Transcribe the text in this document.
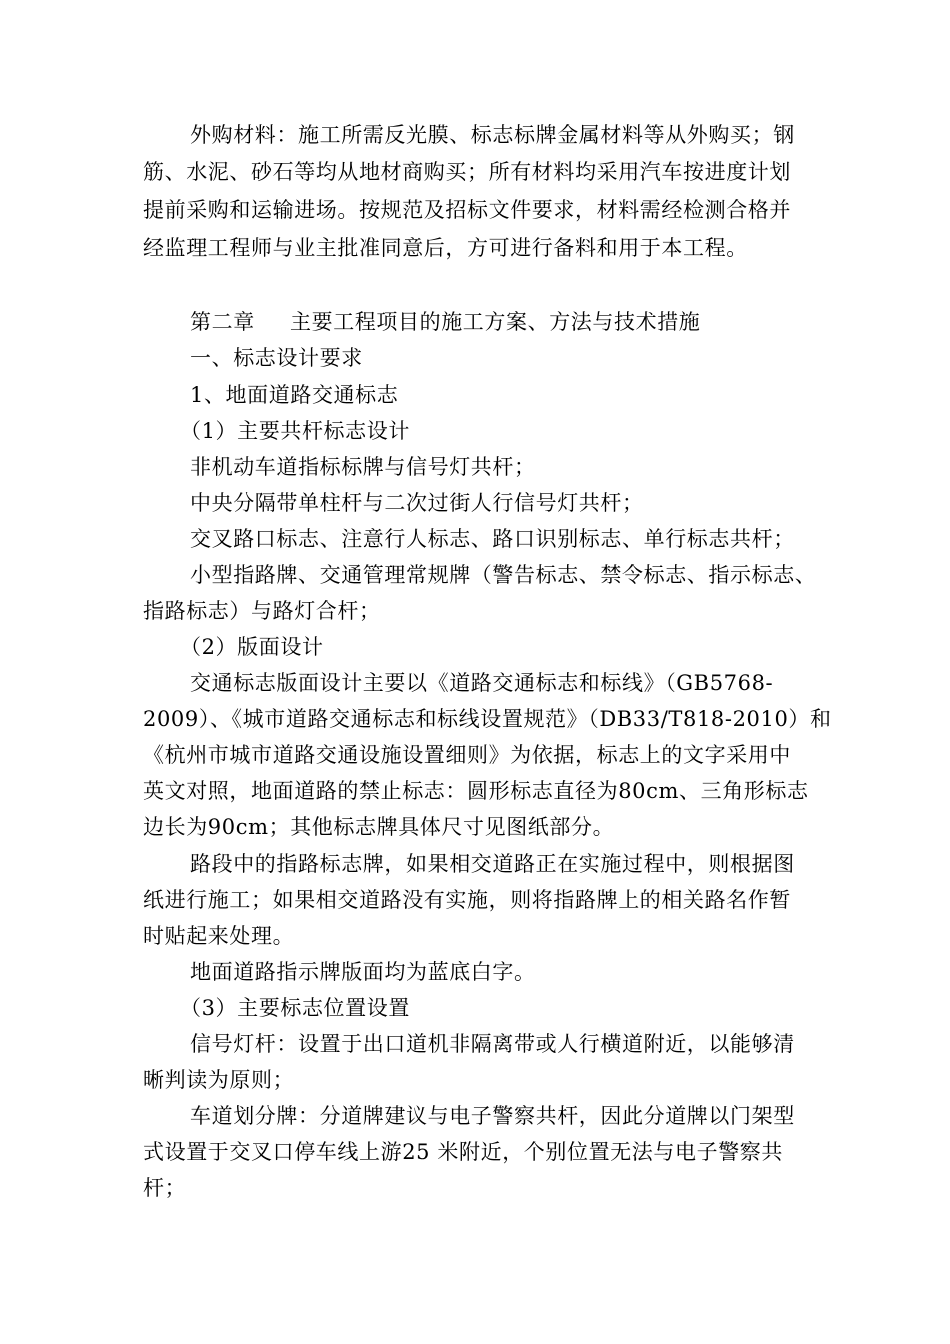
外购材料：施工所需反光膜、标志标牌金属材料等从外购买；钢
筋、水泥、砂石等均从地材商购买；所有材料均采用汽车按进度计划
提前采购和运输进场。按规范及招标文件要求，材料需经检测合格并
经监理工程师与业主批准同意后，方可进行备料和用于本工程。
第二章 主要工程项目的施工方案、方法与技术措施
一、标志设计要求
1、地面道路交通标志
（1）主要共杆标志设计
非机动车道指标标牌与信号灯共杆；
中央分隔带单柱杆与二次过街人行信号灯共杆；
交叉路口标志、注意行人标志、路口识别标志、单行标志共杆；
小型指路牌、交通管理常规牌（警告标志、禁令标志、指示标志、
指路标志）与路灯合杆；
（2）版面设计
交通标志版面设计主要以《道路交通标志和标线》（GB5768-
2009）、《城市道路交通标志和标线设置规范》（DB33/T818-2010）和
《杭州市城市道路交通设施设置细则》为依据，标志上的文字采用中
英文对照，地面道路的禁止标志：圆形标志直径为80cm、三角形标志
边长为90cm；其他标志牌具体尺寸见图纸部分。
路段中的指路标志牌，如果相交道路正在实施过程中，则根据图
纸进行施工；如果相交道路没有实施，则将指路牌上的相关路名作暂
时贴起来处理。
地面道路指示牌版面均为蓝底白字。
（3）主要标志位置设置
信号灯杆：设置于出口道机非隔离带或人行横道附近，以能够清
晰判读为原则；
车道划分牌：分道牌建议与电子警察共杆，因此分道牌以门架型
式设置于交叉口停车线上游25 米附近，个别位置无法与电子警察共
杆；
